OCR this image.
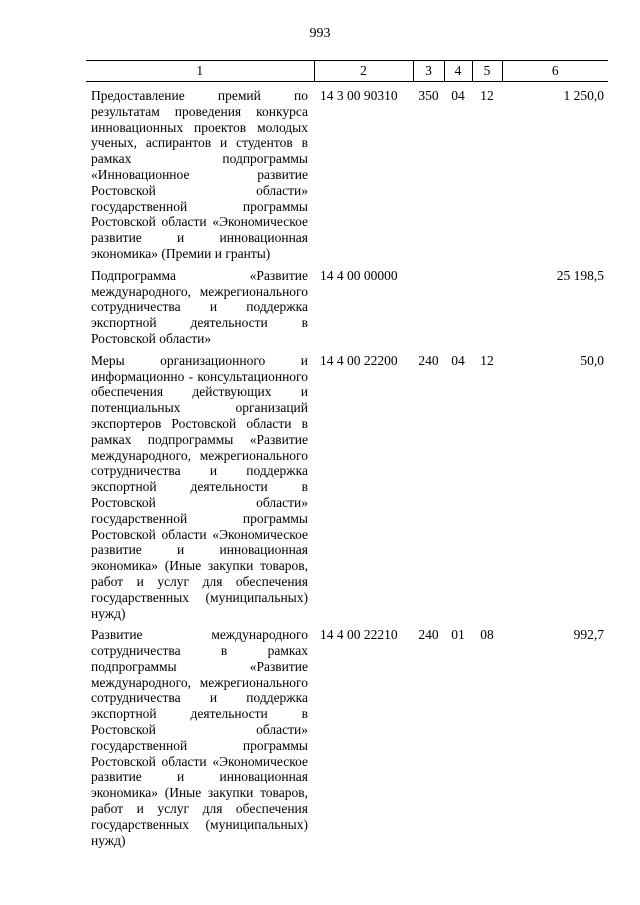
993
1	2	3	4	5	6
Предоставление премий по результатам проведения конкурса инновационных проектов молодых ученых, аспирантов и студентов в рамках подпрограммы «Инновационное развитие Ростовской области» государственной программы Ростовской области «Экономическое развитие и инновационная экономика» (Премии и гранты)	14 3 00 90310	350	04	12	1 250,0
Подпрограмма «Развитие международного, межрегионального сотрудничества и поддержка экспортной деятельности в Ростовской области»	14 4 00 00000				25 198,5
Меры организационного и информационно - консультационного обеспечения действующих и потенциальных организаций экспортеров Ростовской области в рамках подпрограммы «Развитие международного, межрегионального сотрудничества и поддержка экспортной деятельности в Ростовской области» государственной программы Ростовской области «Экономическое развитие и инновационная экономика» (Иные закупки товаров, работ и услуг для обеспечения государственных (муниципальных) нужд)	14 4 00 22200	240	04	12	50,0
Развитие международного сотрудничества в рамках подпрограммы «Развитие международного, межрегионального сотрудничества и поддержка экспортной деятельности в Ростовской области» государственной программы Ростовской области «Экономическое развитие и инновационная экономика» (Иные закупки товаров, работ и услуг для обеспечения государственных (муниципальных) нужд)	14 4 00 22210	240	01	08	992,7
